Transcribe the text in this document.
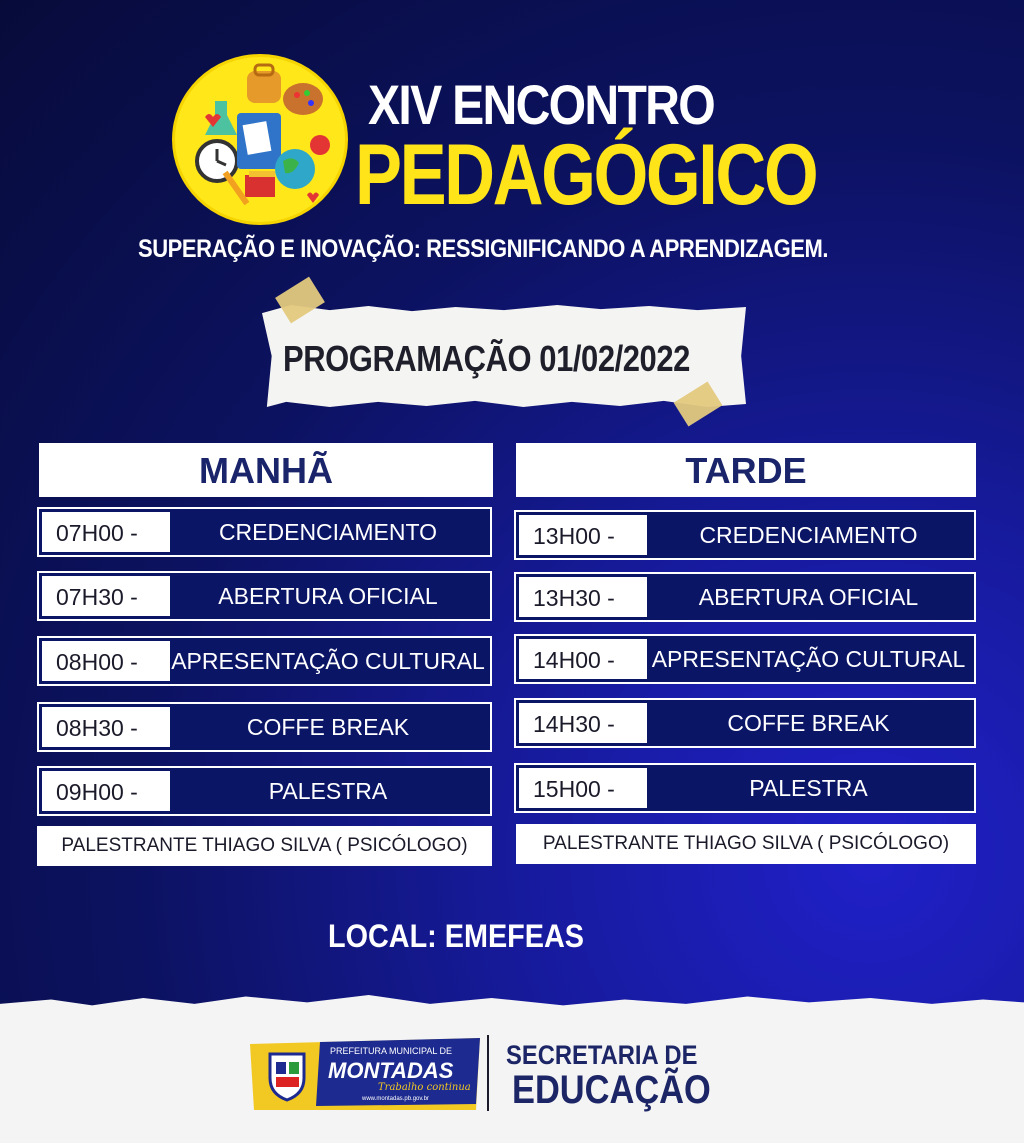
XIV ENCONTRO
PEDAGÓGICO
SUPERAÇÃO E INOVAÇÃO: RESSIGNIFICANDO A APRENDIZAGEM.
PROGRAMAÇÃO 01/02/2022
MANHÃ
07H00 -	CREDENCIAMENTO
07H30 -	ABERTURA OFICIAL
08H00 -	APRESENTAÇÃO CULTURAL
08H30 -	COFFE BREAK
09H00 -	PALESTRA
PALESTRANTE THIAGO SILVA ( PSICÓLOGO)
TARDE
13H00 -	CREDENCIAMENTO
13H30 -	ABERTURA OFICIAL
14H00 -	APRESENTAÇÃO CULTURAL
14H30 -	COFFE BREAK
15H00 -	PALESTRA
PALESTRANTE THIAGO SILVA ( PSICÓLOGO)
LOCAL: EMEFEAS
PREFEITURA MUNICIPAL DE
MONTADAS
Trabalho continua
www.montadas.pb.gov.br
SECRETARIA DE
EDUCAÇÃO
